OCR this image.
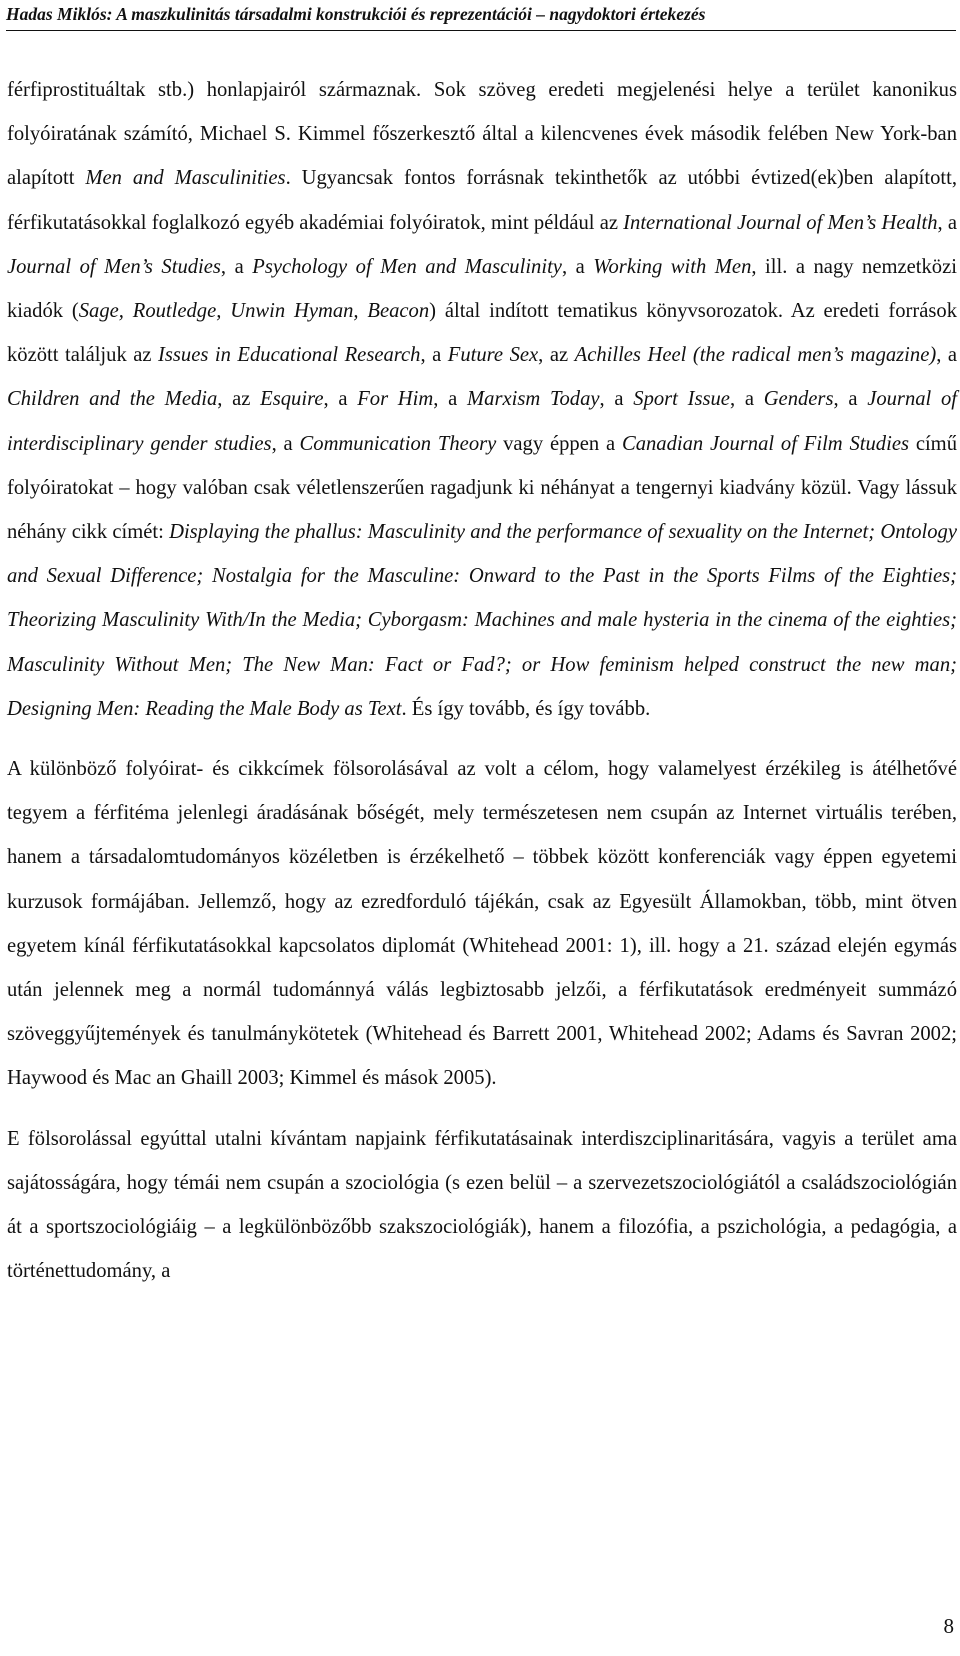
Hadas Miklós: A maszkulinitás társadalmi konstrukciói és reprezentációi – nagydoktori értekezés

férfiprostituáltak stb.) honlapjairól származnak. Sok szöveg eredeti megjelenési helye a terület kanonikus folyóiratának számító, Michael S. Kimmel főszerkesztő által a kilencvenes évek második felében New York-ban alapított Men and Masculinities. Ugyancsak fontos forrásnak tekinthetők az utóbbi évtized(ek)ben alapított, férfikutatásokkal foglalkozó egyéb akadémiai folyóiratok, mint például az International Journal of Men’s Health, a Journal of Men’s Studies, a Psychology of Men and Masculinity, a Working with Men, ill. a nagy nemzetközi kiadók (Sage, Routledge, Unwin Hyman, Beacon) által indított tematikus könyvsorozatok. Az eredeti források között találjuk az Issues in Educational Research, a Future Sex, az Achilles Heel (the radical men’s magazine), a Children and the Media, az Esquire, a For Him, a Marxism Today, a Sport Issue, a Genders, a Journal of interdisciplinary gender studies, a Communication Theory vagy éppen a Canadian Journal of Film Studies című folyóiratokat – hogy valóban csak véletlenszerűen ragadjunk ki néhányat a tengernyi kiadvány közül. Vagy lássuk néhány cikk címét: Displaying the phallus: Masculinity and the performance of sexuality on the Internet; Ontology and Sexual Difference; Nostalgia for the Masculine: Onward to the Past in the Sports Films of the Eighties; Theorizing Masculinity With/In the Media; Cyborgasm: Machines and male hysteria in the cinema of the eighties; Masculinity Without Men; The New Man: Fact or Fad?; or How feminism helped construct the new man; Designing Men: Reading the Male Body as Text. És így tovább, és így tovább.

A különböző folyóirat- és cikkcímek fölsorolásával az volt a célom, hogy valamelyest érzékileg is átélhetővé tegyem a férfitéma jelenlegi áradásának bőségét, mely természetesen nem csupán az Internet virtuális terében, hanem a társadalomtudományos közéletben is érzékelhető – többek között konferenciák vagy éppen egyetemi kurzusok formájában. Jellemző, hogy az ezredforduló tájékán, csak az Egyesült Államokban, több, mint ötven egyetem kínál férfikutatásokkal kapcsolatos diplomát (Whitehead 2001: 1), ill. hogy a 21. század elején egymás után jelennek meg a normál tudománnyá válás legbiztosabb jelzői, a férfikutatások eredményeit summázó szöveggyűjtemények és tanulmánykötetek (Whitehead és Barrett 2001, Whitehead 2002; Adams és Savran 2002; Haywood és Mac an Ghaill 2003; Kimmel és mások 2005).

E fölsorolással egyúttal utalni kívántam napjaink férfikutatásainak interdiszciplinaritására, vagyis a terület ama sajátosságára, hogy témái nem csupán a szociológia (s ezen belül – a szervezetszociológiától a családszociológián át a sportszociológiáig – a legkülönbözőbb szakszociológiák), hanem a filozófia, a pszichológia, a pedagógia, a történettudomány, a

8
